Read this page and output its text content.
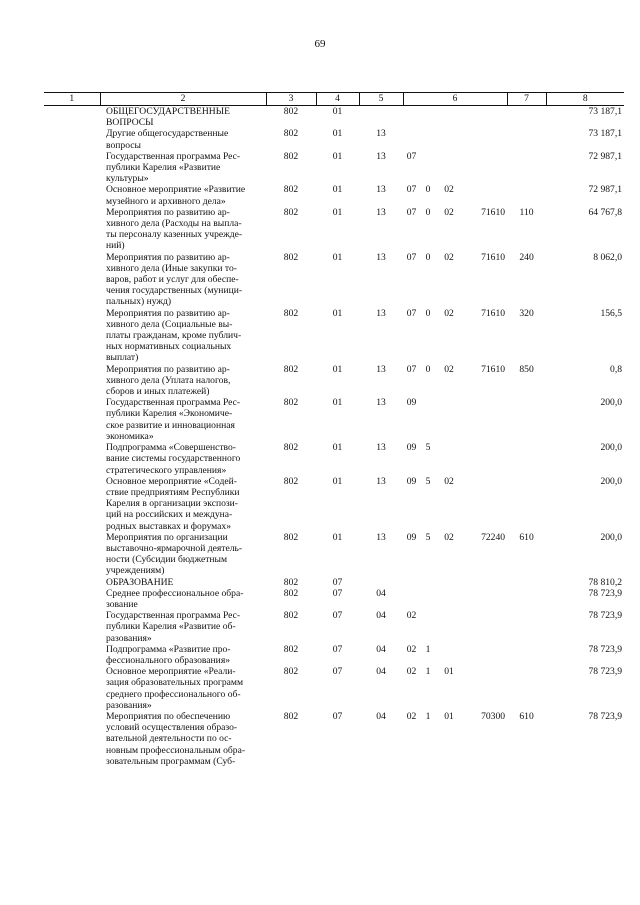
69
1	2	3	4	5	6				7	8
ОБЩЕГОСУДАРСТВЕННЫЕ
ВОПРОСЫ		802	01							73 187,1
Другие общегосударственные
вопросы		802	01	13						73 187,1
Государственная программа Рес-
публики Карелия «Развитие
культуры»		802	01	13	07					72 987,1
Основное мероприятие «Развитие
музейного и архивного дела»		802	01	13	07	0	02			72 987,1
Мероприятия по развитию ар-
хивного дела (Расходы на выпла-
ты персоналу казенных учрежде-
ний)		802	01	13	07	0	02	71610	110	64 767,8
Мероприятия по развитию ар-
хивного дела (Иные закупки то-
варов, работ и услуг для обеспе-
чения государственных (муници-
пальных) нужд)		802	01	13	07	0	02	71610	240	8 062,0
Мероприятия по развитию ар-
хивного дела (Социальные вы-
платы гражданам, кроме публич-
ных нормативных социальных
выплат)		802	01	13	07	0	02	71610	320	156,5
Мероприятия по развитию ар-
хивного дела (Уплата налогов,
сборов и иных платежей)		802	01	13	07	0	02	71610	850	0,8
Государственная программа Рес-
публики Карелия «Экономиче-
ское развитие и инновационная
экономика»		802	01	13	09					200,0
Подпрограмма «Совершенство-
вание системы государственного
стратегического управления»		802	01	13	09	5				200,0
Основное мероприятие «Содей-
ствие предприятиям Республики
Карелия в организации экспози-
ций на российских и междуна-
родных выставках и форумах»		802	01	13	09	5	02			200,0
Мероприятия по организации
выставочно-ярмарочной деятель-
ности (Субсидии бюджетным
учреждениям)		802	01	13	09	5	02	72240	610	200,0
ОБРАЗОВАНИЕ		802	07							78 810,2
Среднее профессиональное обра-
зование		802	07	04						78 723,9
Государственная программа Рес-
публики Карелия «Развитие об-
разования»		802	07	04	02					78 723,9
Подпрограмма «Развитие про-
фессионального образования»		802	07	04	02	1				78 723,9
Основное мероприятие «Реали-
зация образовательных программ
среднего профессионального об-
разования»		802	07	04	02	1	01			78 723,9
Мероприятия по обеспечению
условий осуществления образо-
вательной деятельности по ос-
новным профессиональным обра-
зовательным программам (Суб-		802	07	04	02	1	01	70300	610	78 723,9
